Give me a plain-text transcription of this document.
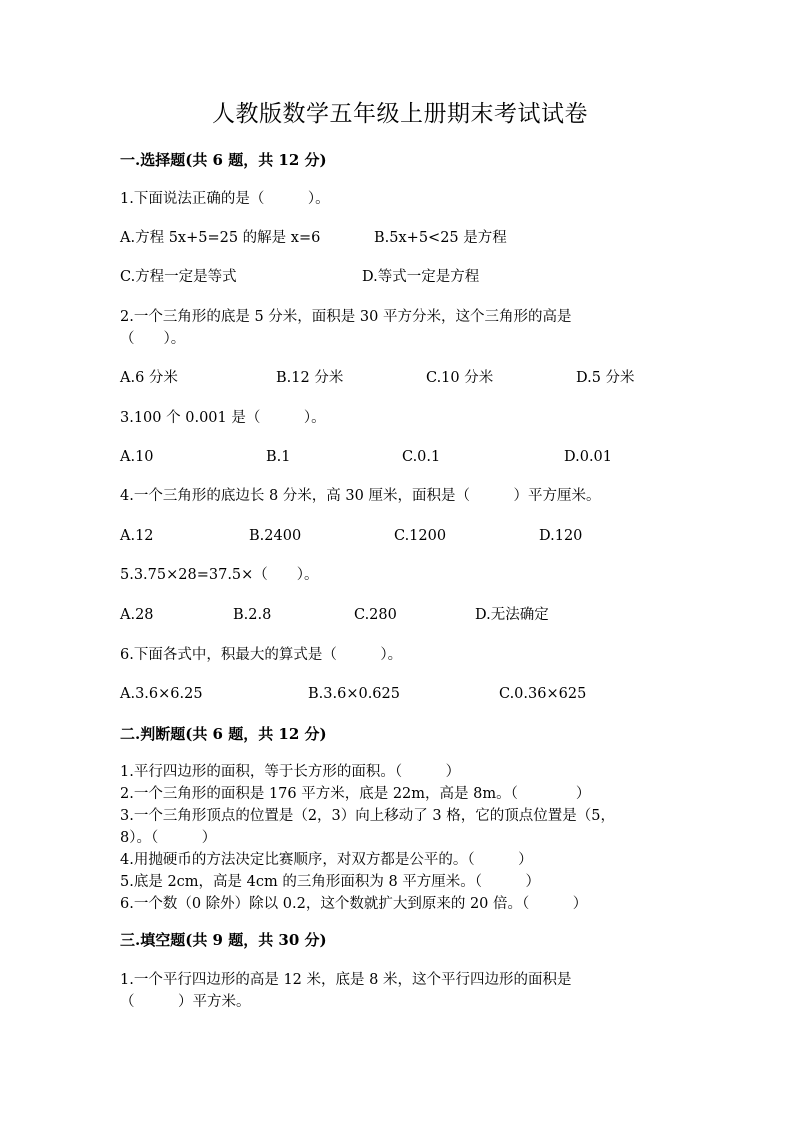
人教版数学五年级上册期末考试试卷
一.选择题(共 6 题，共 12 分)
1.下面说法正确的是（　　　）。
A.方程 5x+5=25 的解是 x=6	B.5x+5<25 是方程
C.方程一定是等式	D.等式一定是方程
2.一个三角形的底是 5 分米，面积是 30 平方分米，这个三角形的高是
（　　）。
A.6 分米	B.12 分米	C.10 分米	D.5 分米
3.100 个 0.001 是（　　　）。
A.10	B.1	C.0.1	D.0.01
4.一个三角形的底边长 8 分米，高 30 厘米，面积是（　　　）平方厘米。
A.12	B.2400	C.1200	D.120
5.3.75×28=37.5×（　　）。
A.28	B.2.8	C.280	D.无法确定
6.下面各式中，积最大的算式是（　　　）。
A.3.6×6.25	B.3.6×0.625	C.0.36×625
二.判断题(共 6 题，共 12 分)
1.平行四边形的面积，等于长方形的面积。（　　　）
2.一个三角形的面积是 176 平方米，底是 22m，高是 8m。（　　　　）
3.一个三角形顶点的位置是（2，3）向上移动了 3 格，它的顶点位置是（5，
8）。（　　　）
4.用抛硬币的方法决定比赛顺序，对双方都是公平的。（　　　）
5.底是 2cm，高是 4cm 的三角形面积为 8 平方厘米。（　　　）
6.一个数（0 除外）除以 0.2，这个数就扩大到原来的 20 倍。（　　　）
三.填空题(共 9 题，共 30 分)
1.一个平行四边形的高是 12 米，底是 8 米，这个平行四边形的面积是
（　　　）平方米。
